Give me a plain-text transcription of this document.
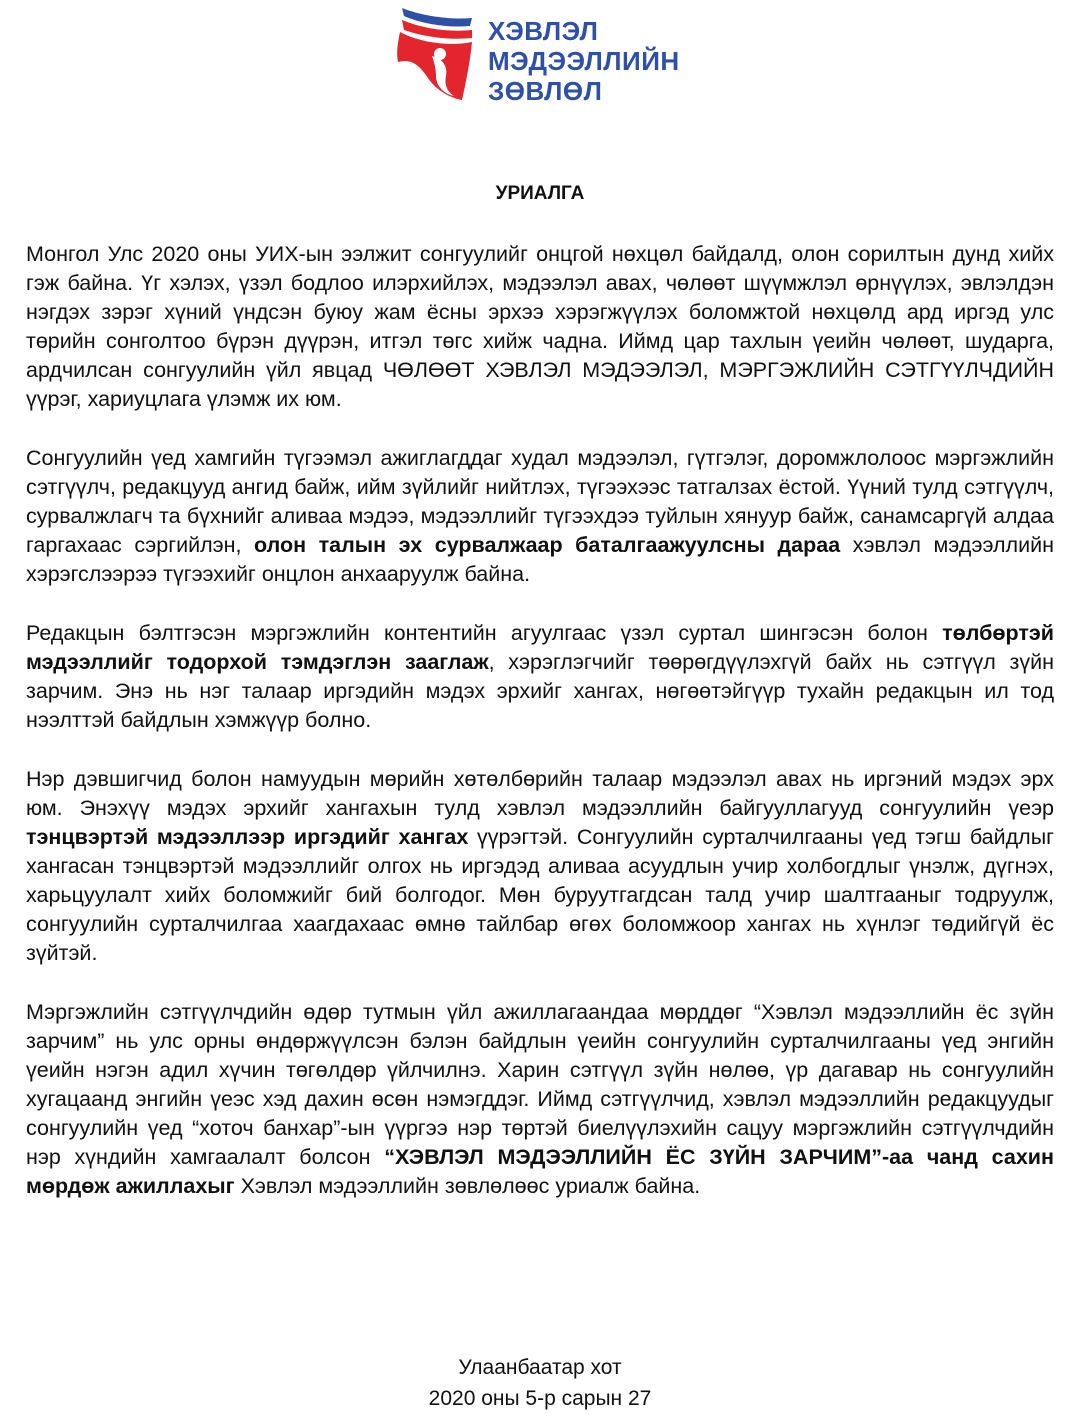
ХЭВЛЭЛ
МЭДЭЭЛЛИЙН
ЗӨВЛӨЛ
УРИАЛГА

Монгол Улс 2020 оны УИХ-ын ээлжит сонгуулийг онцгой нөхцөл байдалд, олон сорилтын дунд хийх гэж байна. Үг хэлэх, үзэл бодлоо илэрхийлэх, мэдээлэл авах, чөлөөт шүүмжлэл өрнүүлэх, эвлэлдэн нэгдэх зэрэг хүний үндсэн буюу жам ёсны эрхээ хэрэгжүүлэх боломжтой нөхцөлд ард иргэд улс төрийн сонголтоо бүрэн дүүрэн, итгэл төгс хийж чадна. Иймд цар тахлын үеийн чөлөөт, шударга, ардчилсан сонгуулийн үйл явцад ЧӨЛӨӨТ ХЭВЛЭЛ МЭДЭЭЛЭЛ, МЭРГЭЖЛИЙН СЭТГҮҮЛЧДИЙН үүрэг, хариуцлага үлэмж их юм.

Сонгуулийн үед хамгийн түгээмэл ажиглагддаг худал мэдээлэл, гүтгэлэг, доромжлолоос мэргэжлийн сэтгүүлч, редакцууд ангид байж, ийм зүйлийг нийтлэх, түгээхээс татгалзах ёстой. Үүний тулд сэтгүүлч, сурвалжлагч та бүхнийг аливаа мэдээ, мэдээллийг түгээхдээ туйлын хянуур байж, санамсаргүй алдаа гаргахаас сэргийлэн, олон талын эх сурвалжаар баталгаажуулсны дараа хэвлэл мэдээллийн хэрэгслээрээ түгээхийг онцлон анхааруулж байна.

Редакцын бэлтгэсэн мэргэжлийн контентийн агуулгаас үзэл суртал шингэсэн болон төлбөртэй мэдээллийг тодорхой тэмдэглэн зааглаж, хэрэглэгчийг төөрөгдүүлэхгүй байх нь сэтгүүл зүйн зарчим. Энэ нь нэг талаар иргэдийн мэдэх эрхийг хангах, нөгөөтэйгүүр тухайн редакцын ил тод нээлттэй байдлын хэмжүүр болно.

Нэр дэвшигчид болон намуудын мөрийн хөтөлбөрийн талаар мэдээлэл авах нь иргэний мэдэх эрх юм. Энэхүү мэдэх эрхийг хангахын тулд хэвлэл мэдээллийн байгууллагууд сонгуулийн үеэр тэнцвэртэй мэдээллээр иргэдийг хангах үүрэгтэй. Сонгуулийн сурталчилгааны үед тэгш байдлыг хангасан тэнцвэртэй мэдээллийг олгох нь иргэдэд аливаа асуудлын учир холбогдлыг үнэлж, дүгнэх, харьцуулалт хийх боломжийг бий болгодог. Мөн буруутгагдсан талд учир шалтгааныг тодруулж, сонгуулийн сурталчилгаа хаагдахаас өмнө тайлбар өгөх боломжоор хангах нь хүнлэг төдийгүй ёс зүйтэй.

Мэргэжлийн сэтгүүлчдийн өдөр тутмын үйл ажиллагаандаа мөрддөг “Хэвлэл мэдээллийн ёс зүйн зарчим” нь улс орны өндөржүүлсэн бэлэн байдлын үеийн сонгуулийн сурталчилгааны үед энгийн үеийн нэгэн адил хүчин төгөлдөр үйлчилнэ. Харин сэтгүүл зүйн нөлөө, үр дагавар нь сонгуулийн хугацаанд энгийн үеэс хэд дахин өсөн нэмэгддэг. Иймд сэтгүүлчид, хэвлэл мэдээллийн редакцуудыг сонгуулийн үед “хоточ банхар”-ын үүргээ нэр төртэй биелүүлэхийн сацуу мэргэжлийн сэтгүүлчдийн нэр хүндийн хамгаалалт болсон “ХЭВЛЭЛ МЭДЭЭЛЛИЙН ЁС ЗҮЙН ЗАРЧИМ”-аа чанд сахин мөрдөж ажиллахыг Хэвлэл мэдээллийн зөвлөлөөс уриалж байна.

Улаанбаатар хот
2020 оны 5-р сарын 27
